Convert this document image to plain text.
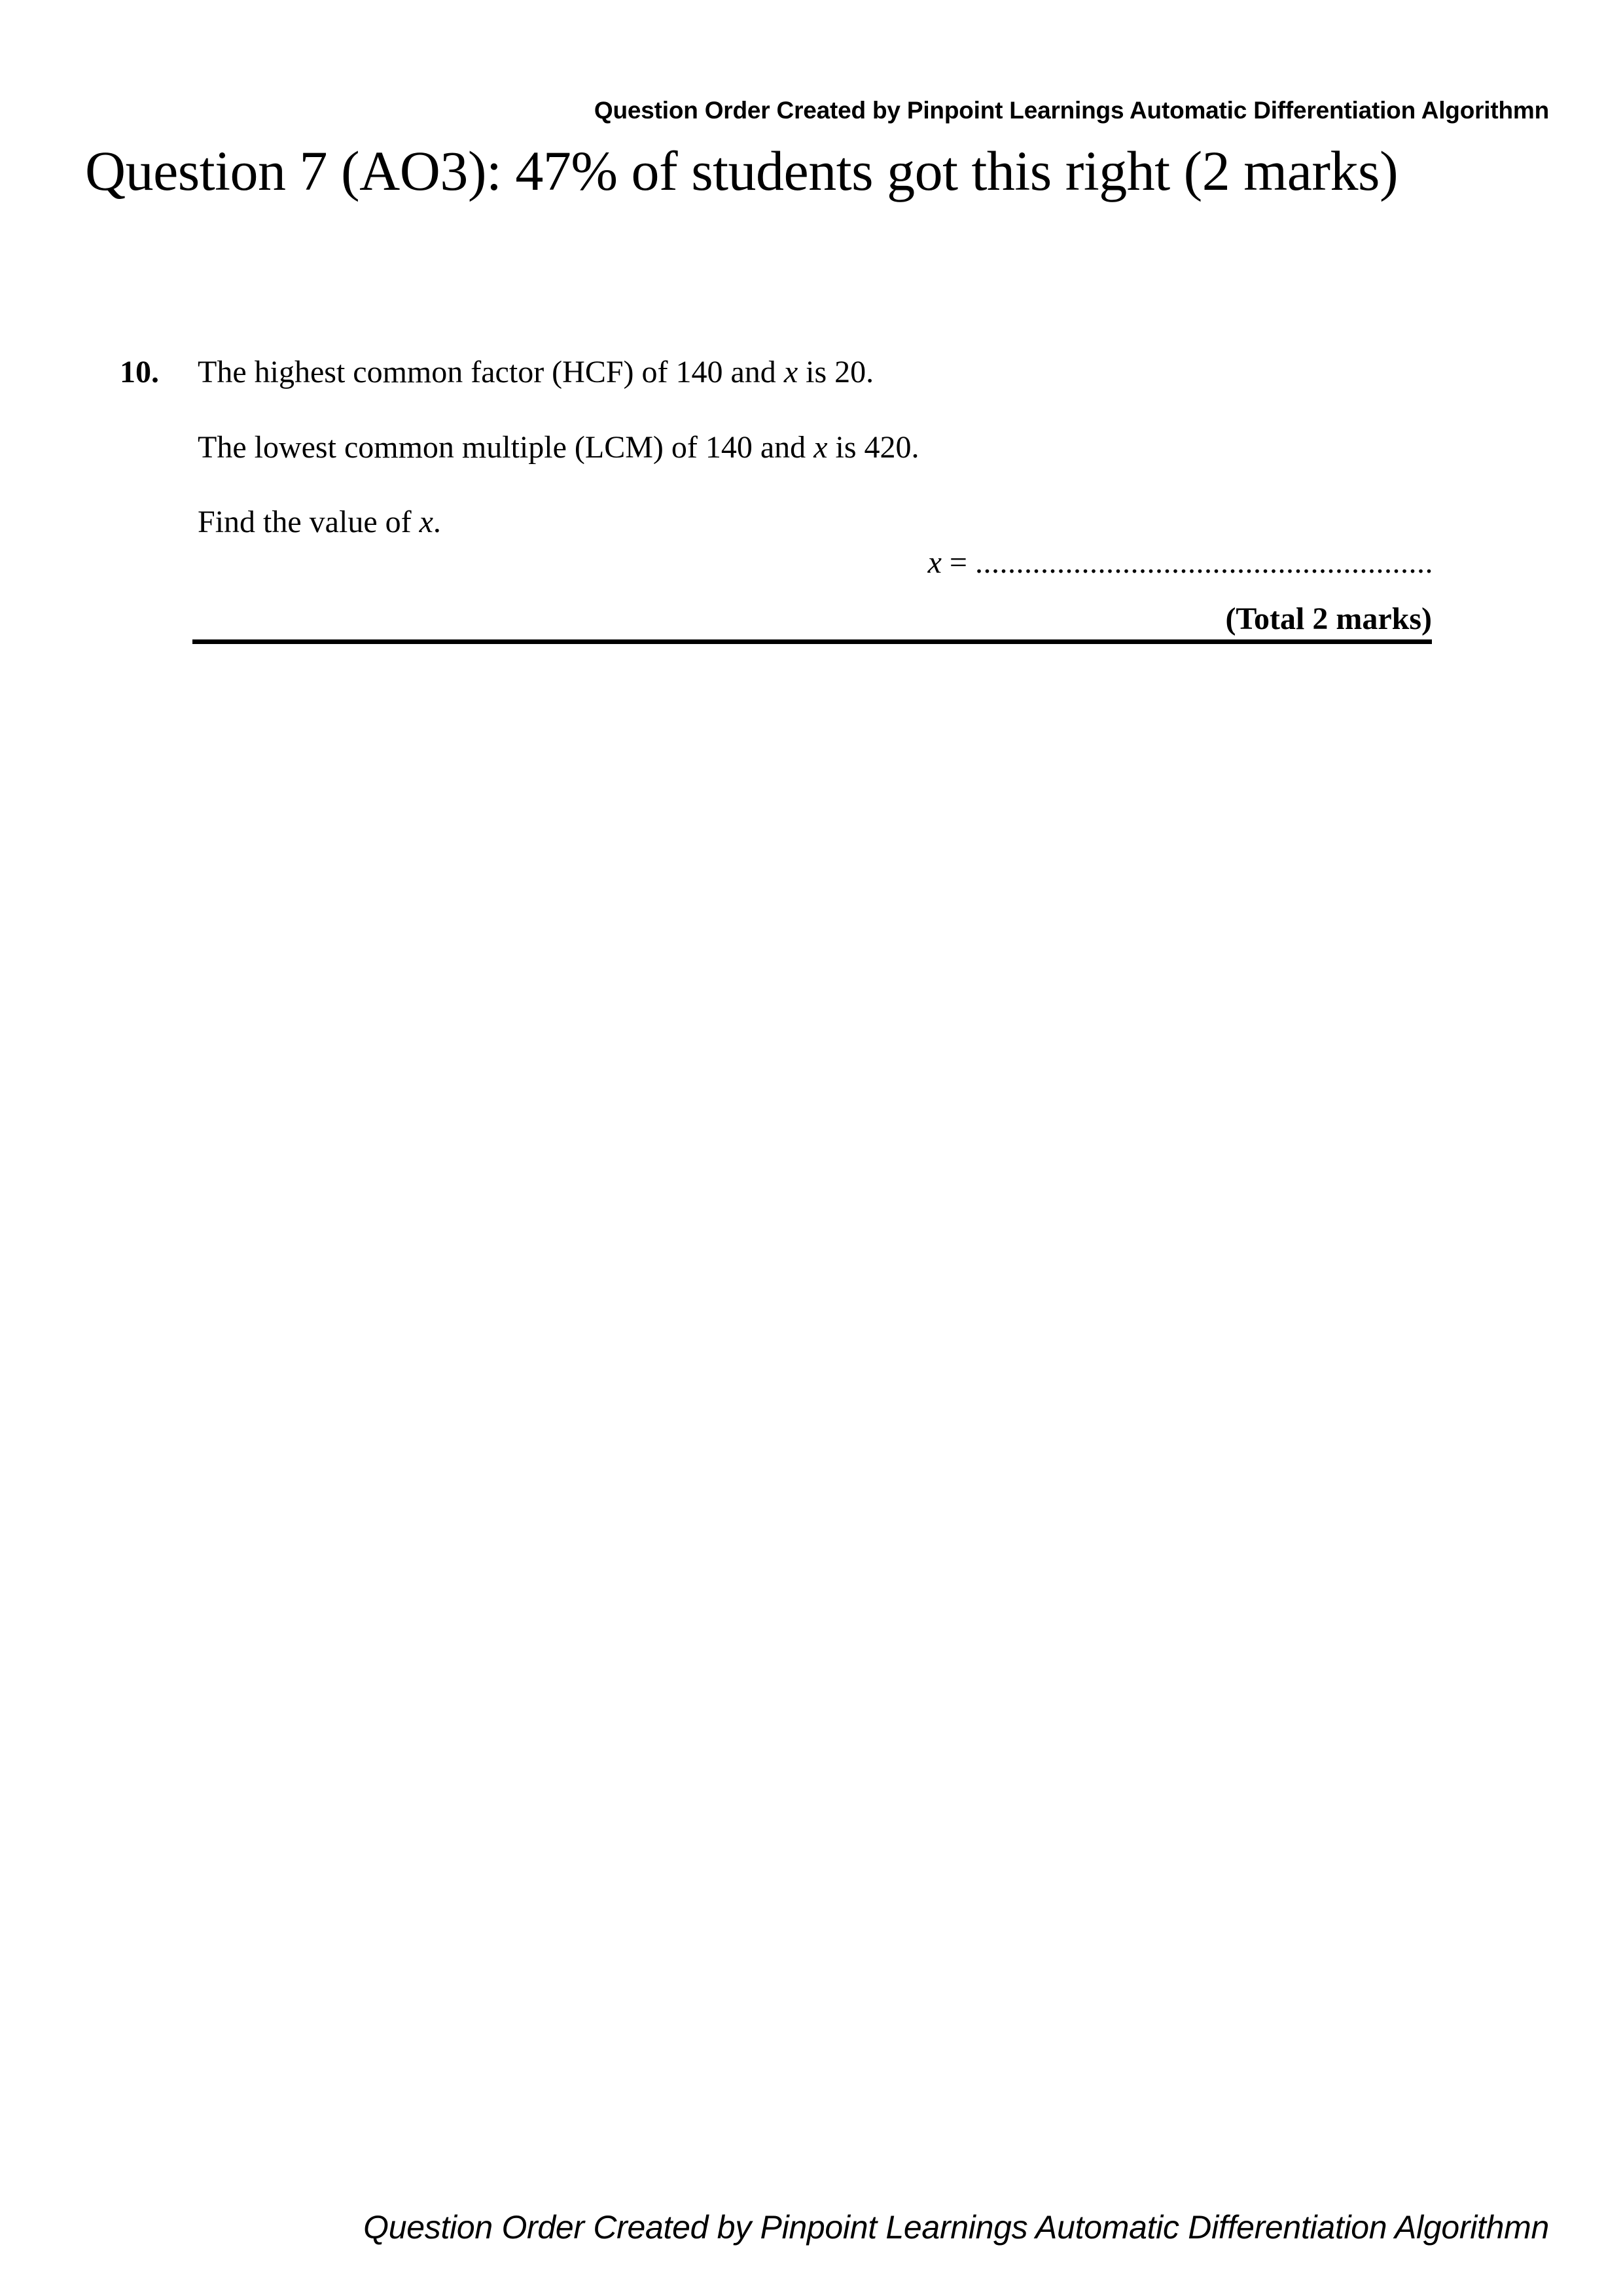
Question Order Created by Pinpoint Learnings Automatic Differentiation Algorithmn
Question 7 (AO3): 47% of students got this right (2 marks)
10. The highest common factor (HCF) of 140 and x is 20.
The lowest common multiple (LCM) of 140 and x is 420.
Find the value of x.
x = ........................................................
(Total 2 marks)
Question Order Created by Pinpoint Learnings Automatic Differentiation Algorithmn
